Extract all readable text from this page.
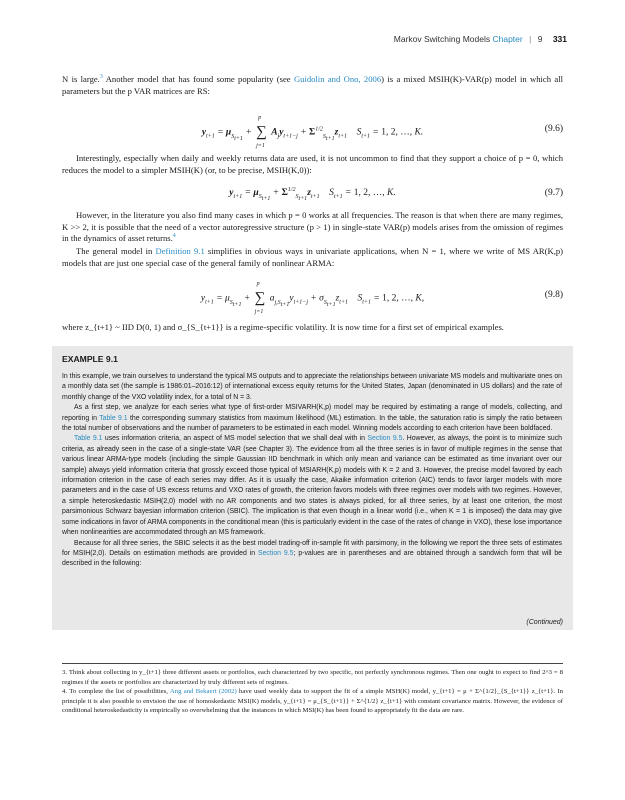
Markov Switching Models Chapter | 9 331
N is large.$^3$ Another model that has found some popularity (see Guidolin and Ono, 2006) is a mixed MSIH(K)-VAR(p) model in which all parameters but the p VAR matrices are RS:
$y_{t+1} = \mu_{S_{t+1}}$ + ∑
p
j=1
$A_jy_{t+1-j} + \Sigma^{1/2}_{S_{t+1}}z_{t+1}$    $S_{t+1} = 1$, 2, …, K.	(9.6)
Interestingly, especially when daily and weekly returns data are used, it is not uncommon to find that they support a choice of p = 0, which reduces the model to a simpler MSIH(K) (or, to be precise, MSIH(K,0)):
$y_{t+1} = \mu_{S_{t+1}} + \Sigma^{1/2}_{S_{t+1}}z_{t+1}$    $S_{t+1} = 1$, 2, …, K.	(9.7)
However, in the literature you also find many cases in which p = 0 works at all frequencies. The reason is that when there are many regimes, K >> 2, it is possible that the need of a vector autoregressive structure (p > 1) in single-state VAR(p) models arises from the omission of regimes in the dynamics of asset returns.$^4$
The general model in Definition 9.1 simplifies in obvious ways in univariate applications, when N = 1, where we write of MS AR(K,p) models that are just one special case of the general family of nonlinear ARMA:
$y_{t+1} = \mu_{S_{t+1}}$ + ∑
p
j=1
$a_{j,S_{t+1}}y_{t+1-j} + \sigma_{S_{t+1}}z_{t+1}$    $S_{t+1} = 1$, 2, …, K,	(9.8)
where z_{t+1} ~ IID D(0, 1) and σ_{S_{t+1}} is a regime-specific volatility. It is now time for a first set of empirical examples.
EXAMPLE 9.1

In this example, we train ourselves to understand the typical MS outputs and to appreciate the relationships between univariate MS models and multivariate ones on a monthly data set (the sample is 1986:01–2016:12) of international excess equity returns for the United States, Japan (denominated in US dollars) and the rate of monthly change of the VXO volatility index, for a total of N = 3.

As a first step, we analyze for each series what type of first-order MSIVARH(K,p) model may be required by estimating a range of models, collecting, and reporting in Table 9.1 the corresponding summary statistics from maximum likelihood (ML) estimation. In the table, the saturation ratio is simply the ratio between the total number of observations and the number of parameters to be estimated in each model. Winning models according to each criterion have been boldfaced.

Table 9.1 uses information criteria, an aspect of MS model selection that we shall deal with in Section 9.5. However, as always, the point is to minimize such criteria, as already seen in the case of a single-state VAR (see Chapter 3). The evidence from all the three series is in favor of multiple regimes in the sense that various linear ARMA-type models (including the simple Gaussian IID benchmark in which only mean and variance can be estimated as time invariant over our sample) always yield information criteria that grossly exceed those typical of MSIARH(K,p) models with K = 2 and 3. However, the precise model favored by each information criterion in the case of each series may differ. As it is usually the case, Akaike information criterion (AIC) tends to favor larger models with more parameters and in the case of US excess returns and VXO rates of growth, the criterion favors models with three regimes over models with two regimes. However, a simple heteroskedastic MSIH(2,0) model with no AR components and two states is always picked, for all three series, by at least one criterion, the most parsimonious Schwarz bayesian information criterion (SBIC). The implication is that even though in a linear world (i.e., when K = 1 is imposed) the data may give some indications in favor of ARMA components in the conditional mean (this is particularly evident in the case of the rates of change in VXO), these lose importance when nonlinearities are accommodated through an MS framework.

Because for all three series, the SBIC selects it as the best model trading-off in-sample fit with parsimony, in the following we report the three sets of estimates for MSIH(2,0). Details on estimation methods are provided in Section 9.5; p-values are in parentheses and are obtained through a sandwich form that will be described in the following:

(Continued)

3. Think about collecting in y_{t+1} three different assets or portfolios, each characterized by two specific, not perfectly synchronous regimes. Then one ought to expect to find 2^3 = 8 regimes if the assets or portfolios are characterized by truly different sets of regimes.

4. To complete the list of possibilities, Ang and Bekaert (2002) have used weekly data to support the fit of a simple MSH(K) model, y_{t+1} = μ + Σ^{1/2}_{S_{t+1}} z_{t+1}. In principle it is also possible to envision the use of homoskedastic MSI(K) models, y_{t+1} = μ_{S_{t+1}} + Σ^{1/2} z_{t+1} with constant covariance matrix. However, the evidence of conditional heteroskedasticity is empirically so overwhelming that the instances in which MSI(K) has been found to appropriately fit the data are rare.
